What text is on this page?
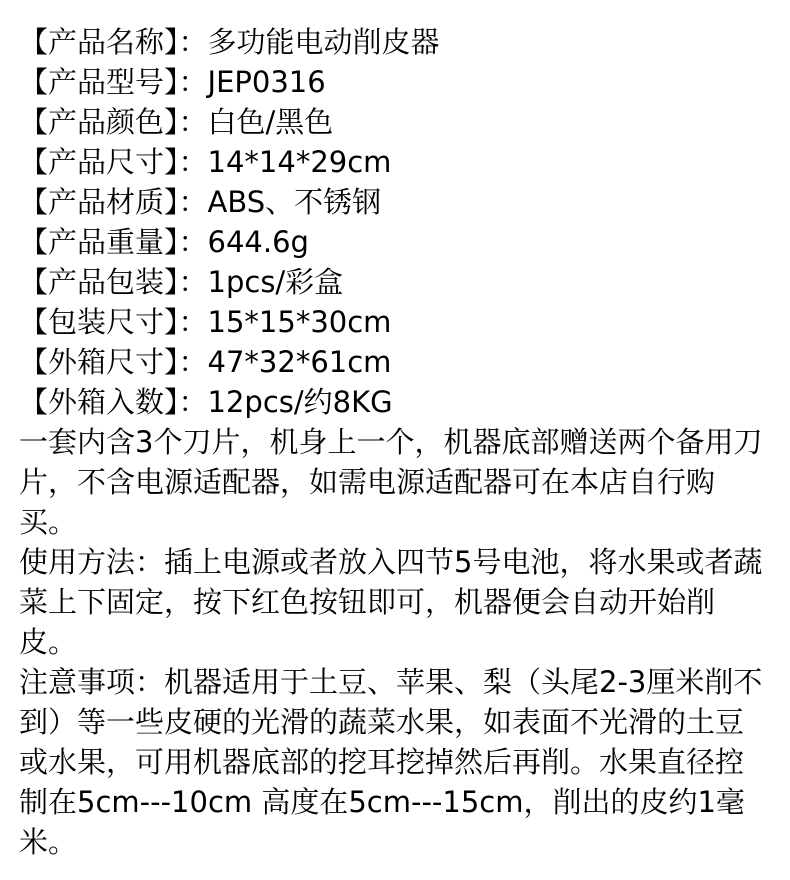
【产品名称】：多功能电动削皮器
【产品型号】：JEP0316
【产品颜色】：白色/黑色
【产品尺寸】：14*14*29cm
【产品材质】：ABS、不锈钢
【产品重量】：644.6g
【产品包装】：1pcs/彩盒
【包装尺寸】：15*15*30cm
【外箱尺寸】：47*32*61cm
【外箱入数】：12pcs/约8KG

一套内含3个刀片，机身上一个，机器底部赠送两个备用刀片，不含电源适配器，如需电源适配器可在本店自行购买。

使用方法：插上电源或者放入四节5号电池，将水果或者蔬菜上下固定，按下红色按钮即可，机器便会自动开始削皮。

注意事项：机器适用于土豆、苹果、梨（头尾2-3厘米削不到）等一些皮硬的光滑的蔬菜水果，如表面不光滑的土豆或水果，可用机器底部的挖耳挖掉然后再削。水果直径控制在5cm---10cm 高度在5cm---15cm，削出的皮约1毫米。
